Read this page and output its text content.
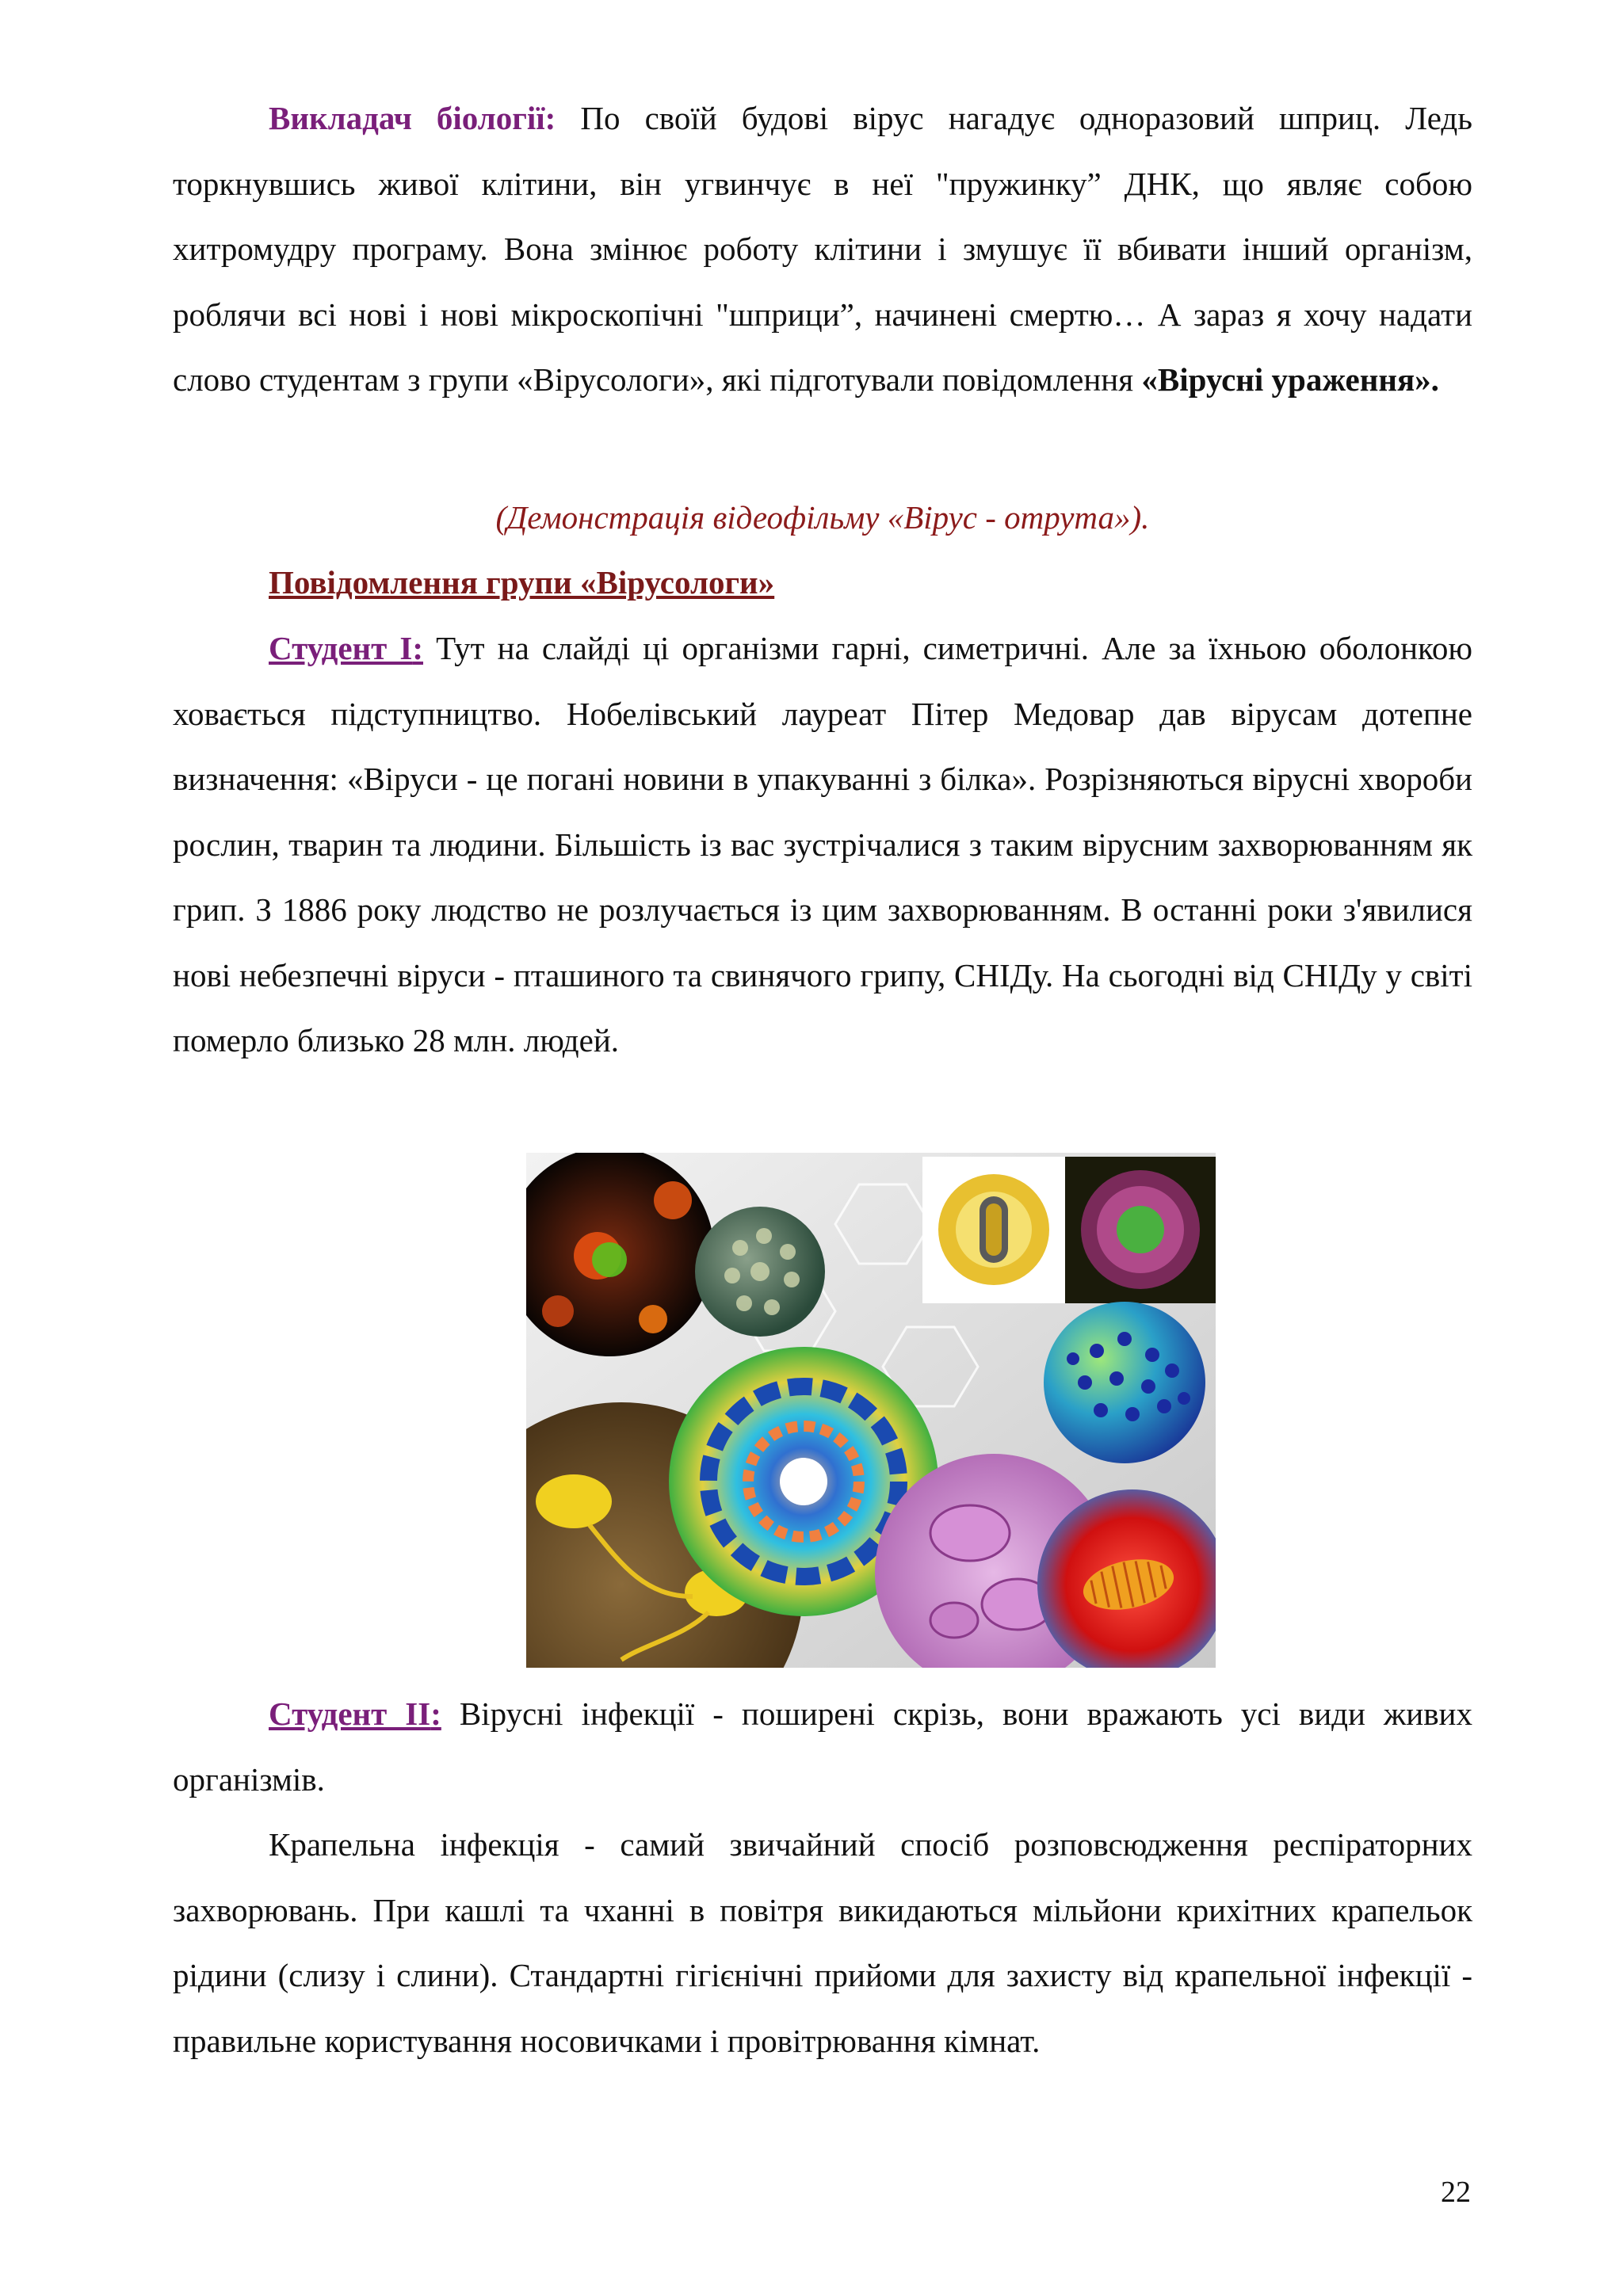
Викладач біології: По своїй будові вірус нагадує одноразовий шприц. Ледь торкнувшись живої клітини, він угвинчує в неї "пружинку” ДНК, що являє собою хитромудру програму. Вона змінює роботу клітини і змушує її вбивати інший організм, роблячи всі нові і нові мікроскопічні "шприци”, начинені смертю… А зараз я хочу надати слово студентам з групи «Вірусологи», які підготували повідомлення «Вірусні ураження».

(Демонстрація відеофільму «Вірус - отрута»).

Повідомлення групи «Вірусологи»

Студент І: Тут на слайді ці організми гарні, симетричні. Але за їхньою оболонкою ховається підступництво. Нобелівський лауреат Пітер Медовар дав вірусам дотепне визначення: «Віруси - це погані новини в упакуванні з білка». Розрізняються вірусні хвороби рослин, тварин та людини. Більшість із вас зустрічалися з таким вірусним захворюванням як грип. З 1886 року людство не розлучається із цим захворюванням. В останні роки з'явилися нові небезпечні віруси - пташиного та свинячого грипу, СНІДу. На сьогодні від СНІДу у світі померло близько 28 млн. людей.

Студент ІІ: Вірусні інфекції - поширені скрізь, вони вражають усі види живих організмів.

Крапельна інфекція - самий звичайний спосіб розповсюдження респіраторних захворювань. При кашлі та чханні в повітря викидаються мільйони крихітних крапельок рідини (слизу і слини). Стандартні гігієнічні прийоми для захисту від крапельної інфекції - правильне користування носовичками і провітрювання кімнат.

22
